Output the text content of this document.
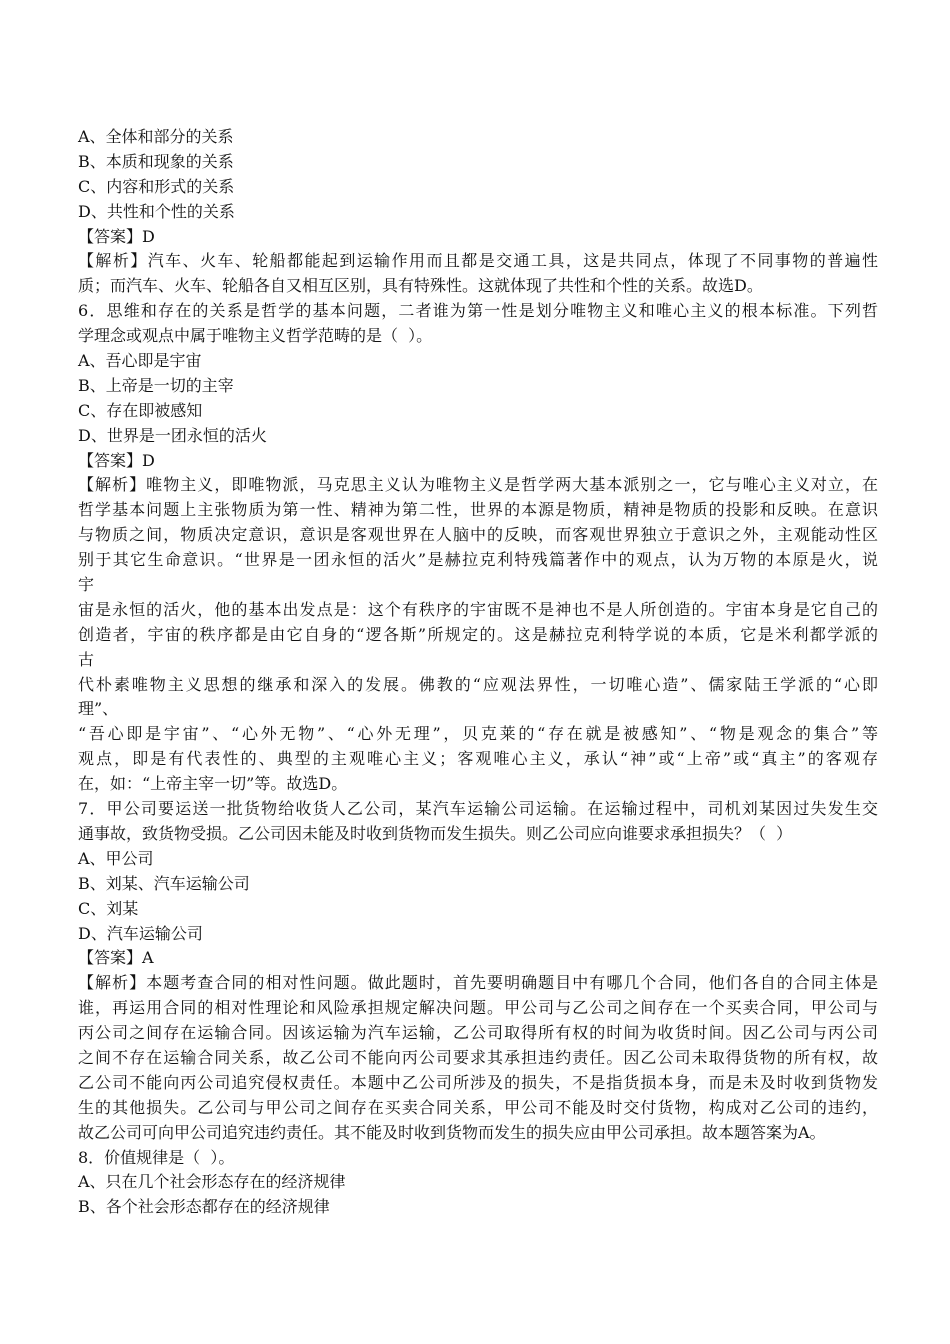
A、全体和部分的关系
B、本质和现象的关系
C、内容和形式的关系
D、共性和个性的关系
【答案】D
【解析】汽车、火车、轮船都能起到运输作用而且都是交通工具，这是共同点，体现了不同事物的普遍性
质；而汽车、火车、轮船各自又相互区别，具有特殊性。这就体现了共性和个性的关系。故选D。
6．思维和存在的关系是哲学的基本问题，二者谁为第一性是划分唯物主义和唯心主义的根本标准。下列哲
学理念或观点中属于唯物主义哲学范畴的是（  ）。
A、吾心即是宇宙
B、上帝是一切的主宰
C、存在即被感知
D、世界是一团永恒的活火
【答案】D
【解析】唯物主义，即唯物派，马克思主义认为唯物主义是哲学两大基本派别之一，它与唯心主义对立，在
哲学基本问题上主张物质为第一性、精神为第二性，世界的本源是物质，精神是物质的投影和反映。在意识
与物质之间，物质决定意识，意识是客观世界在人脑中的反映，而客观世界独立于意识之外，主观能动性区
别于其它生命意识。“世界是一团永恒的活火”是赫拉克利特残篇著作中的观点，认为万物的本原是火，说
宇
宙是永恒的活火，他的基本出发点是：这个有秩序的宇宙既不是神也不是人所创造的。宇宙本身是它自己的
创造者，宇宙的秩序都是由它自身的“逻各斯”所规定的。这是赫拉克利特学说的本质，它是米利都学派的
古
代朴素唯物主义思想的继承和深入的发展。佛教的“应观法界性，一切唯心造”、儒家陆王学派的“心即
理”、
“吾心即是宇宙”、“心外无物”、“心外无理”，贝克莱的“存在就是被感知”、“物是观念的集合”等
观点，即是有代表性的、典型的主观唯心主义；客观唯心主义，承认“神”或“上帝”或“真主”的客观存
在，如：“上帝主宰一切”等。故选D。
7．甲公司要运送一批货物给收货人乙公司，某汽车运输公司运输。在运输过程中，司机刘某因过失发生交
通事故，致货物受损。乙公司因未能及时收到货物而发生损失。则乙公司应向谁要求承担损失？（  ）
A、甲公司
B、刘某、汽车运输公司
C、刘某
D、汽车运输公司
【答案】A
【解析】本题考查合同的相对性问题。做此题时，首先要明确题目中有哪几个合同，他们各自的合同主体是
谁，再运用合同的相对性理论和风险承担规定解决问题。甲公司与乙公司之间存在一个买卖合同，甲公司与
丙公司之间存在运输合同。因该运输为汽车运输，乙公司取得所有权的时间为收货时间。因乙公司与丙公司
之间不存在运输合同关系，故乙公司不能向丙公司要求其承担违约责任。因乙公司未取得货物的所有权，故
乙公司不能向丙公司追究侵权责任。本题中乙公司所涉及的损失，不是指货损本身，而是未及时收到货物发
生的其他损失。乙公司与甲公司之间存在买卖合同关系，甲公司不能及时交付货物，构成对乙公司的违约，
故乙公司可向甲公司追究违约责任。其不能及时收到货物而发生的损失应由甲公司承担。故本题答案为A。
8．价值规律是（  ）。
A、只在几个社会形态存在的经济规律
B、各个社会形态都存在的经济规律
